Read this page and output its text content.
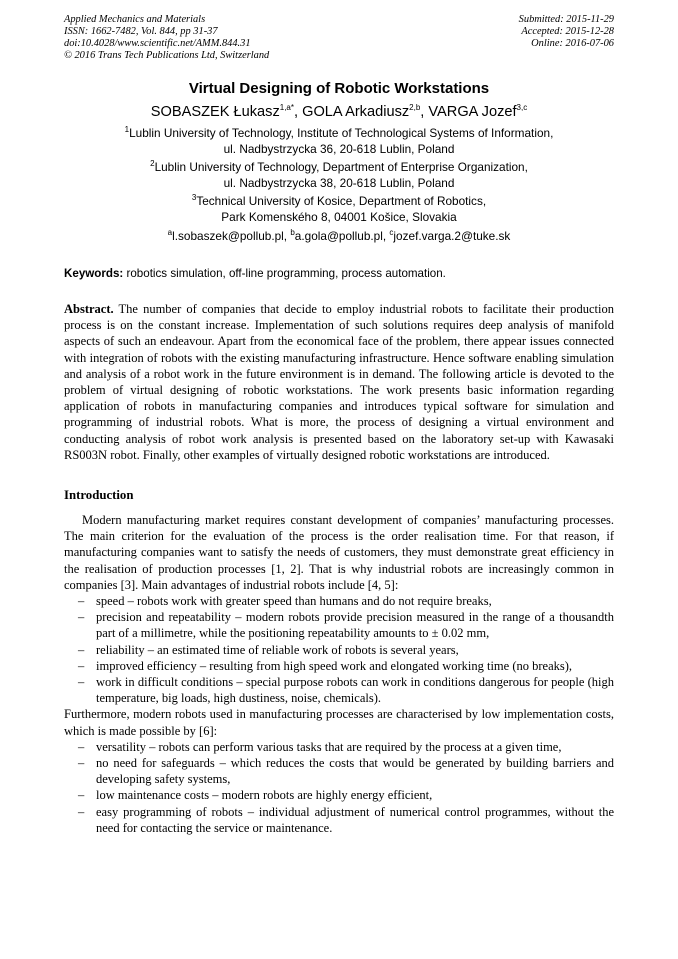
Applied Mechanics and Materials
ISSN: 1662-7482, Vol. 844, pp 31-37
doi:10.4028/www.scientific.net/AMM.844.31
© 2016 Trans Tech Publications Ltd, Switzerland
Submitted: 2015-11-29
Accepted: 2015-12-28
Online: 2016-07-06
Virtual Designing of Robotic Workstations
SOBASZEK Łukasz$^{1,a*}$, GOLA Arkadiusz$^{2,b}$, VARGA Jozef$^{3,c}$
$^1$Lublin University of Technology, Institute of Technological Systems of Information,
ul. Nadbystrzycka 36, 20-618 Lublin, Poland
$^2$Lublin University of Technology, Department of Enterprise Organization,
ul. Nadbystrzycka 38, 20-618 Lublin, Poland
$^3$Technical University of Kosice, Department of Robotics,
Park Komenského 8, 04001 Košice, Slovakia
$^a$l.sobaszek@pollub.pl, $^b$a.gola@pollub.pl, $^c$jozef.varga.2@tuke.sk
Keywords: robotics simulation, off-line programming, process automation.
Abstract. The number of companies that decide to employ industrial robots to facilitate their production process is on the constant increase. Implementation of such solutions requires deep analysis of manifold aspects of such an endeavour. Apart from the economical face of the problem, there appear issues connected with integration of robots with the existing manufacturing infrastructure. Hence software enabling simulation and analysis of a robot work in the future environment is in demand. The following article is devoted to the problem of virtual designing of robotic workstations. The work presents basic information regarding application of robots in manufacturing companies and introduces typical software for simulation and programming of industrial robots. What is more, the process of designing a virtual environment and conducting analysis of robot work analysis is presented based on the laboratory set-up with Kawasaki RS003N robot. Finally, other examples of virtually designed robotic workstations are introduced.
Introduction
Modern manufacturing market requires constant development of companies’ manufacturing processes. The main criterion for the evaluation of the process is the order realisation time. For that reason, if manufacturing companies want to satisfy the needs of customers, they must demonstrate great efficiency in the realisation of production processes [1, 2]. That is why industrial robots are increasingly common in companies [3]. Main advantages of industrial robots include [4, 5]:
– speed – robots work with greater speed than humans and do not require breaks,
– precision and repeatability – modern robots provide precision measured in the range of a thousandth part of a millimetre, while the positioning repeatability amounts to ± 0.02 mm,
– reliability – an estimated time of reliable work of robots is several years,
– improved efficiency – resulting from high speed work and elongated working time (no breaks),
– work in difficult conditions – special purpose robots can work in conditions dangerous for people (high temperature, big loads, high dustiness, noise, chemicals).
Furthermore, modern robots used in manufacturing processes are characterised by low implementation costs, which is made possible by [6]:
– versatility – robots can perform various tasks that are required by the process at a given time,
– no need for safeguards – which reduces the costs that would be generated by building barriers and developing safety systems,
– low maintenance costs – modern robots are highly energy efficient,
– easy programming of robots – individual adjustment of numerical control programmes, without the need for contacting the service or maintenance.
